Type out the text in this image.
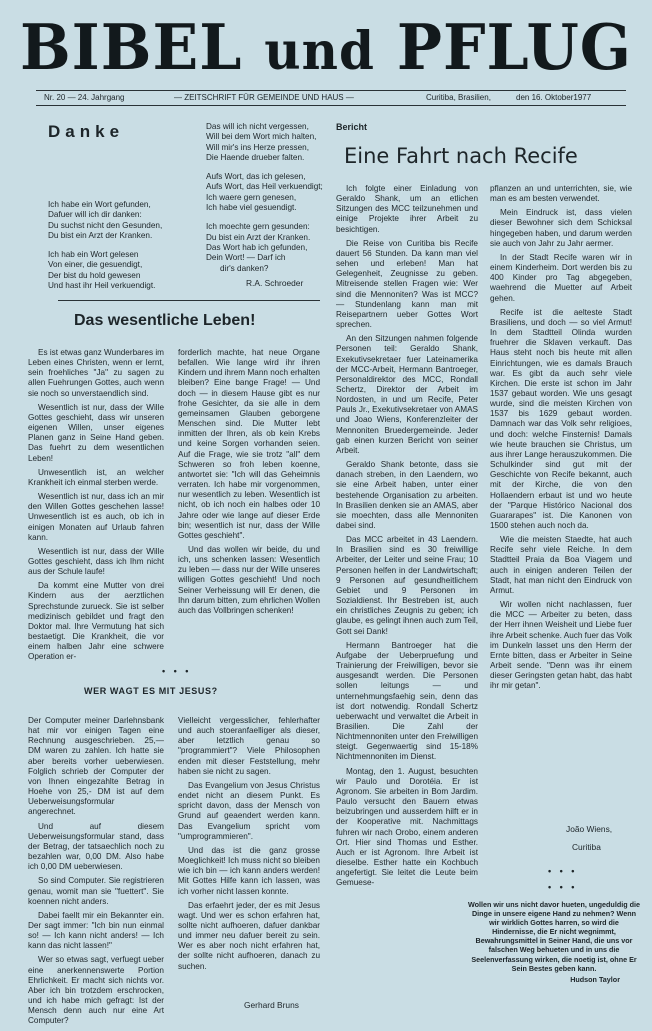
BIBEL und PFLUG
Nr. 20 — 24. Jahrgang	— ZEITSCHRIFT FÜR GEMEINDE UND HAUS —	Curitiba, Brasilien,	den 16. Oktober1977
Danke
Ich habe ein Wort gefunden,
Dafuer will ich dir danken:
Du suchst nicht den Gesunden,
Du bist ein Arzt der Kranken.
Ich hab ein Wort gelesen
Von einer, die gesuendigt,
Der bist du hold gewesen
Und hast ihr Heil verkuendigt.
Das will ich nicht vergessen,
Will bei dem Wort mich halten,
Will mir's ins Herze pressen,
Die Haende drueber falten.
Aufs Wort, das ich gelesen,
Aufs Wort, das Heil verkuendigt;
Ich waere gern genesen,
Ich habe viel gesuendigt.
Ich moechte gern gesunden:
Du bist ein Arzt der Kranken.
Das Wort hab ich gefunden,
Dein Wort! — Darf ich
dir's danken?
R.A. Schroeder
Das wesentliche Leben!

Es ist etwas ganz Wunderbares im Leben eines Christen, wenn er lernt, sein froehliches "Ja" zu sagen zu allen Fuehrungen Gottes, auch wenn sie noch so unverstaendlich sind.

Wesentlich ist nur, dass der Wille Gottes geschieht, dass wir unseren eigenen Willen, unser eigenes Planen ganz in Seine Hand geben. Das fuehrt zu dem wesentlichen Leben!

Unwesentlich ist, an welcher Krankheit ich einmal sterben werde.

Wesentlich ist nur, dass ich an mir den Willen Gottes geschehen lasse! Unwesentlich ist es auch, ob ich in einigen Monaten auf Urlaub fahren kann.

Wesentlich ist nur, dass der Wille Gottes geschieht, dass ich Ihm nicht aus der Schule laufe!

Da kommt eine Mutter von drei Kindern aus der aerztlichen Sprechstunde zurueck. Sie ist selber medizinisch gebildet und fragt den Doktor mal. Ihre Vermutung hat sich bestaetigt. Die Krankheit, die vor einem halben Jahr eine schwere Operation er-

forderlich machte, hat neue Organe befallen. Wie lange wird ihr ihren Kindern und ihrem Mann noch erhalten bleiben? Eine bange Frage! — Und doch — in diesem Hause gibt es nur frohe Gesichter, da sie alle in dem gemeinsamen Glauben geborgene Menschen sind. Die Mutter lebt inmitten der Ihren, als ob kein Krebs und keine Sorgen vorhanden seien. Auf die Frage, wie sie trotz "all" dem Schweren so froh leben koenne, antwortet sie: "Ich will das Geheimnis verraten. Ich habe mir vorgenommen, nur wesentlich zu leben. Wesentlich ist nicht, ob ich noch ein halbes oder 10 Jahre oder wie lange auf dieser Erde bin; wesentlich ist nur, dass der Wille Gottes geschieht".

Und das wollen wir beide, du und ich, uns schenken lassen: Wesentlich zu leben — dass nur der Wille unseres willigen Gottes geschieht! Und noch Seiner Verheissung will Er denen, die Ihn darum bitten, zum ehrlichen Wollen auch das Vollbringen schenken!

• • •
WER WAGT ES MIT JESUS?

Der Computer meiner Darlehnsbank hat mir vor einigen Tagen eine Rechnung ausgeschrieben. 25,— DM waren zu zahlen. Ich hatte sie aber bereits vorher ueberwiesen. Folglich schrieb der Computer der von Ihnen eingezahlte Betrag in Hoehe von 25,- DM ist auf dem Ueberweisungsformular angerechnet.

Und auf diesem Ueberweisungsformular stand, dass der Betrag, der tatsaechlich noch zu bezahlen war, 0,00 DM. Also habe ich 0,00 DM ueberwiesen.

So sind Computer. Sie registrieren genau, womit man sie "fuettert". Sie koennen nicht anders.

Dabei faellt mir ein Bekannter ein. Der sagt immer: "Ich bin nun einmal so! — Ich kann nicht anders! — Ich kann das nicht lassen!"

Wer so etwas sagt, verfuegt ueber eine anerkennenswerte Portion Ehrlichkeit. Er macht sich nichts vor. Aber ich bin trotzdem erschrocken, und ich habe mich gefragt: Ist der Mensch denn auch nur eine Art Computer?

Vielleicht vergesslicher, fehlerhafter und auch stoeranfaelliger als dieser, aber letztlich genau so "programmiert"? Viele Philosophen enden mit dieser Feststellung, mehr haben sie nicht zu sagen.

Das Evangelium von Jesus Christus endet nicht an diesem Punkt. Es spricht davon, dass der Mensch von Grund auf geaendert werden kann. Das Evangelium spricht vom "umprogrammieren".

Und das ist die ganz grosse Moeglichkeit! Ich muss nicht so bleiben wie ich bin — ich kann anders werden! Mit Gottes Hilfe kann ich lassen, was ich vorher nicht lassen konnte.

Das erfaehrt jeder, der es mit Jesus wagt. Und wer es schon erfahren hat, sollte nicht aufhoeren, dafuer dankbar und immer neu dafuer bereit zu sein. Wer es aber noch nicht erfahren hat, der sollte nicht aufhoeren, danach zu suchen.

Gerhard Bruns
Bericht
Eine Fahrt nach Recife

Ich folgte einer Einladung von Geraldo Shank, um an etlichen Sitzungen des MCC teilzunehmen und einige Projekte ihrer Arbeit zu besichtigen.

Die Reise von Curitiba bis Recife dauert 56 Stunden. Da kann man viel sehen und erleben! Man hat Gelegenheit, Zeugnisse zu geben. Mitreisende stellen Fragen wie: Wer sind die Mennoniten? Was ist MCC? — Stundenlang kann man mit Reisepartnern ueber Gottes Wort sprechen.

An den Sitzungen nahmen folgende Personen teil: Geraldo Shank, Exekutivsekretaer fuer Lateinamerika der MCC-Arbeit, Hermann Bantroeger, Personaldirektor des MCC, Rondall Schertz, Direktor der Arbeit im Nordosten, in und um Recife, Peter Pauls Jr., Exekutivsekretaer von AMAS und Joao Wiens, Konferenzleiter der Mennoniten Bruedergemeinde. Jeder gab einen kurzen Bericht von seiner Arbeit.

Geraldo Shank betonte, dass sie danach streben, in den Laendern, wo sie eine Arbeit haben, unter einer bestehende Organisation zu arbeiten. In Brasilien denken sie an AMAS, aber sie moechten, dass alle Mennoniten dabei sind.

Das MCC arbeitet in 43 Laendern. In Brasilien sind es 30 freiwillige Arbeiter, der Leiter und seine Frau; 10 Personen helfen in der Landwirtschaft; 9 Personen auf gesundheitlichem Gebiet und 9 Personen im Sozialdienst. Ihr Bestreben ist, auch ein christliches Zeugnis zu geben; ich glaube, es gelingt ihnen auch zum Teil, Gott sei Dank!

Hermann Bantroeger hat die Aufgabe der Ueberpruefung und Trainierung der Freiwilligen, bevor sie ausgesandt werden. Die Personen sollen leitungs — und unternehmungsfaehig sein, denn das ist dort notwendig. Rondall Schertz ueberwacht und verwaltet die Arbeit in Brasilien. Die Zahl der Nichtmennoniten unter den Freiwilligen steigt. Gegenwaertig sind 15-18% Nichtmennoniten im Dienst.

Montag, den 1. August, besuchten wir Paulo und Dorotéia. Er ist Agronom. Sie arbeiten in Bom Jardim. Paulo versucht den Bauern etwas beizubringen und ausserdem hilft er in der Kooperative mit. Nachmittags fuhren wir nach Orobo, einem anderen Ort. Hier sind Thomas und Esther. Auch er ist Agronom. Ihre Arbeit ist dieselbe. Esther hatte ein Kochbuch angefertigt. Sie leitet die Leute beim Gemuese-

pflanzen an und unterrichten, sie, wie man es am besten verwendet.

Mein Eindruck ist, dass vielen dieser Bewohner sich dem Schicksal hingegeben haben, und darum werden sie auch von Jahr zu Jahr aermer.

In der Stadt Recife waren wir in einem Kinderheim. Dort werden bis zu 400 Kinder pro Tag abgegeben, waehrend die Muetter auf Arbeit gehen.

Recife ist die aelteste Stadt Brasiliens, und doch — so viel Armut! In dem Stadtteil Olinda wurden fruehrer die Sklaven verkauft. Das Haus steht noch bis heute mit allen Einrichtungen, wie es damals Brauch war. Es gibt da auch sehr viele Kirchen. Die erste ist schon im Jahr 1537 gebaut worden. Wie uns gesagt wurde, sind die meisten Kirchen von 1537 bis 1629 gebaut worden. Damnach war das Volk sehr religioes, und doch: welche Finsternis! Damals wie heute brauchen sie Christus, um aus ihrer Lange herauszukommen. Die Schulkinder sind gut mit der Geschichte von Recife bekannt, auch mit der Kirche, die von den Hollaendern erbaut ist und wo heute der "Parque Histórico Nacional dos Guararapes" ist. Die Kanonen von 1500 stehen auch noch da.

Wie die meisten Staedte, hat auch Recife sehr viele Reiche. In dem Stadtteil Praia da Boa Viagem und auch in einigen anderen Teilen der Stadt, hat man nicht den Eindruck von Armut.

Wir wollen nicht nachlassen, fuer die MCC — Arbeiter zu beten, dass der Herr ihnen Weisheit und Liebe fuer ihre Arbeit schenke. Auch fuer das Volk im Dunkeln lasset uns den Herrn der Ernte bitten, dass er Arbeiter in Seine Arbeit sende. "Denn was ihr einem dieser Geringsten getan habt, das habt ihr mir getan".

João Wiens,
Curitiba
• • •
• • •
Wollen wir uns nicht davor hueten, ungeduldig die Dinge in unsere eigene Hand zu nehmen? Wenn wir wirklich Gottes harren, so wird die Hindernisse, die Er nicht wegnimmt, Bewahrungsmittel in Seiner Hand, die uns vor falschen Weg behueten und in uns die Seelenverfassung wirken, die noetig ist, ohne Er Sein Bestes geben kann.
Hudson Taylor
